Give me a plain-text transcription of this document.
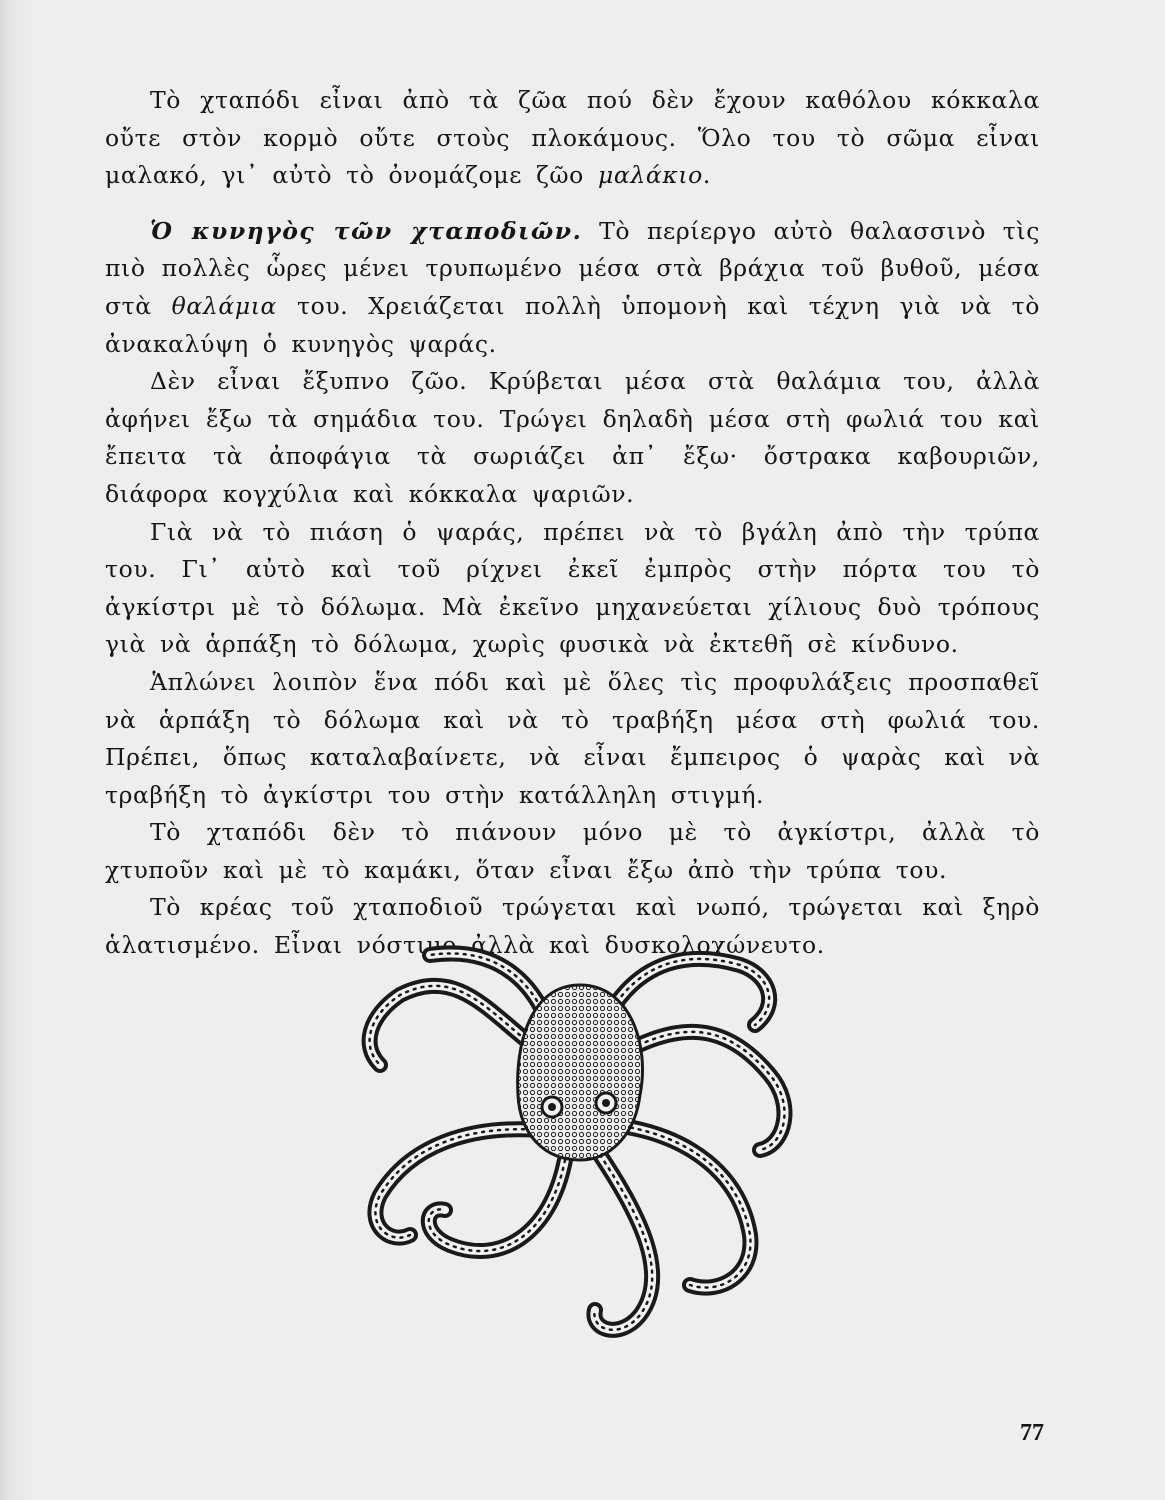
Τὸ χταπόδι εἶναι ἀπὸ τὰ ζῶα πού δὲν ἔχουν καθόλου κόκκαλα οὔτε στὸν κορμὸ οὔτε στοὺς πλοκάμους. Ὅλο του τὸ σῶμα εἶναι μαλακό, γι᾽ αὐτὸ τὸ ὀνομάζομε ζῶο μαλάκιο.

Ὁ κυνηγὸς τῶν χταποδιῶν. Τὸ περίεργο αὐτὸ θαλασσινὸ τὶς πιὸ πολλὲς ὧρες μένει τρυπωμένο μέσα στὰ βράχια τοῦ βυθοῦ, μέσα στὰ θαλάμια του. Χρειάζεται πολλὴ ὑπομονὴ καὶ τέχνη γιὰ νὰ τὸ ἀνακαλύψη ὁ κυνηγὸς ψαράς.

Δὲν εἶναι ἔξυπνο ζῶο. Κρύβεται μέσα στὰ θαλάμια του, ἀλλὰ ἀφήνει ἔξω τὰ σημάδια του. Τρώγει δηλαδὴ μέσα στὴ φωλιά του καὶ ἔπειτα τὰ ἀποφάγια τὰ σωριάζει ἀπ᾽ ἔξω· ὄστρακα καβουριῶν, διάφορα κογχύλια καὶ κόκκαλα ψαριῶν.

Γιὰ νὰ τὸ πιάση ὁ ψαράς, πρέπει νὰ τὸ βγάλη ἀπὸ τὴν τρύπα του. Γι᾽ αὐτὸ καὶ τοῦ ρίχνει ἐκεῖ ἐμπρὸς στὴν πόρτα του τὸ ἀγκίστρι μὲ τὸ δόλωμα. Μὰ ἐκεῖνο μηχανεύεται χίλιους δυὸ τρόπους γιὰ νὰ ἁρπάξη τὸ δόλωμα, χωρὶς φυσικὰ νὰ ἐκτεθῆ σὲ κίνδυνο.

Ἁπλώνει λοιπὸν ἕνα πόδι καὶ μὲ ὅλες τὶς προφυλάξεις προσπαθεῖ νὰ ἁρπάξη τὸ δόλωμα καὶ νὰ τὸ τραβήξη μέσα στὴ φωλιά του. Πρέπει, ὅπως καταλαβαίνετε, νὰ εἶναι ἔμπειρος ὁ ψαρὰς καὶ νὰ τραβήξη τὸ ἀγκίστρι του στὴν κατάλληλη στιγμή.

Τὸ χταπόδι δὲν τὸ πιάνουν μόνο μὲ τὸ ἀγκίστρι, ἀλλὰ τὸ χτυποῦν καὶ μὲ τὸ καμάκι, ὅταν εἶναι ἔξω ἀπὸ τὴν τρύπα του.

Τὸ κρέας τοῦ χταποδιοῦ τρώγεται καὶ νωπό, τρώγεται καὶ ξηρὸ ἁλατισμένο. Εἶναι νόστιμο ἀλλὰ καὶ δυσκολοχώνευτο.

77
